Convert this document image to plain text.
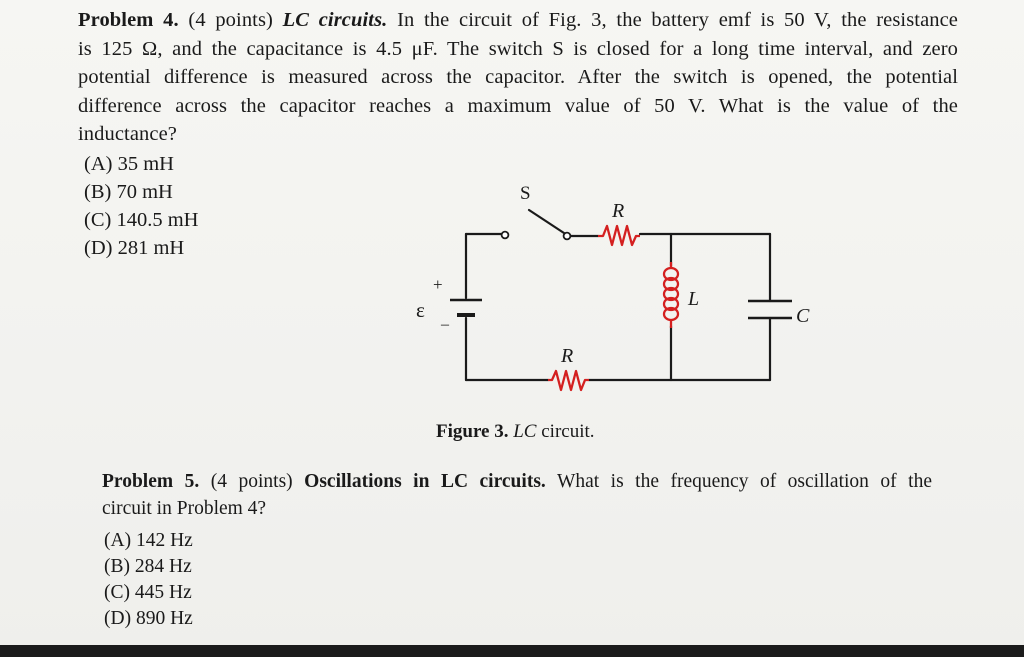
Problem 4. (4 points) LC circuits. In the circuit of Fig. 3, the battery emf is 50 V, the resistance
is 125 Ω, and the capacitance is 4.5 μF. The switch S is closed for a long time interval, and zero
potential difference is measured across the capacitor. After the switch is opened, the potential
difference across the capacitor reaches a maximum value of 50 V. What is the value of the
inductance?
(A) 35 mH
(B) 70 mH
(C) 140.5 mH
(D) 281 mH
S
R
R
L
C
+
–
ε
Figure 3. LC circuit.
Problem 5. (4 points) Oscillations in LC circuits. What is the frequency of oscillation of the
circuit in Problem 4?
(A) 142 Hz
(B) 284 Hz
(C) 445 Hz
(D) 890 Hz
